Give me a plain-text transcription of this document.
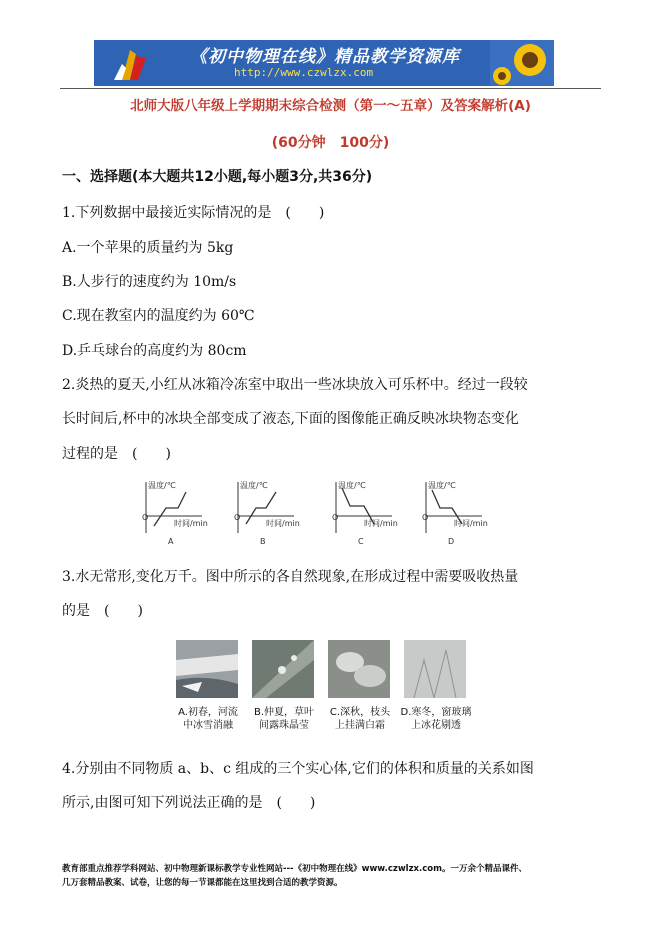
《初中物理在线》精品教学资源库
http://www.czwlzx.com
北师大版八年级上学期期末综合检测（第一～五章）及答案解析(A)
(60分钟　100分)
一、选择题(本大题共12小题,每小题3分,共36分)
1.下列数据中最接近实际情况的是　(　　)
A.一个苹果的质量约为 5kg
B.人步行的速度约为 10m/s
C.现在教室内的温度约为 60℃
D.乒乓球台的高度约为 80cm
2.炎热的夏天,小红从冰箱冷冻室中取出一些冰块放入可乐杯中。经过一段较
长时间后,杯中的冰块全部变成了液态,下面的图像能正确反映冰块物态变化
过程的是　(　　)
O
温度/℃
时间/min
A
O
温度/℃
时间/min
B
O
温度/℃
时间/min
C
O
温度/℃
时间/min
D
3.水无常形,变化万千。图中所示的各自然现象,在形成过程中需要吸收热量
的是　(　　)
A.初春，河流
中冰雪消融
B.仲夏，草叶
间露珠晶莹
C.深秋，枝头
上挂满白霜
D.寒冬，窗玻璃
上冰花剔透
4.分别由不同物质 a、b、c 组成的三个实心体,它们的体积和质量的关系如图
所示,由图可知下列说法正确的是　(　　)
教育部重点推荐学科网站、初中物理新课标教学专业性网站---《初中物理在线》www.czwlzx.com。一万余个精品课件、
几万套精品教案、试卷，让您的每一节课都能在这里找到合适的教学资源。
